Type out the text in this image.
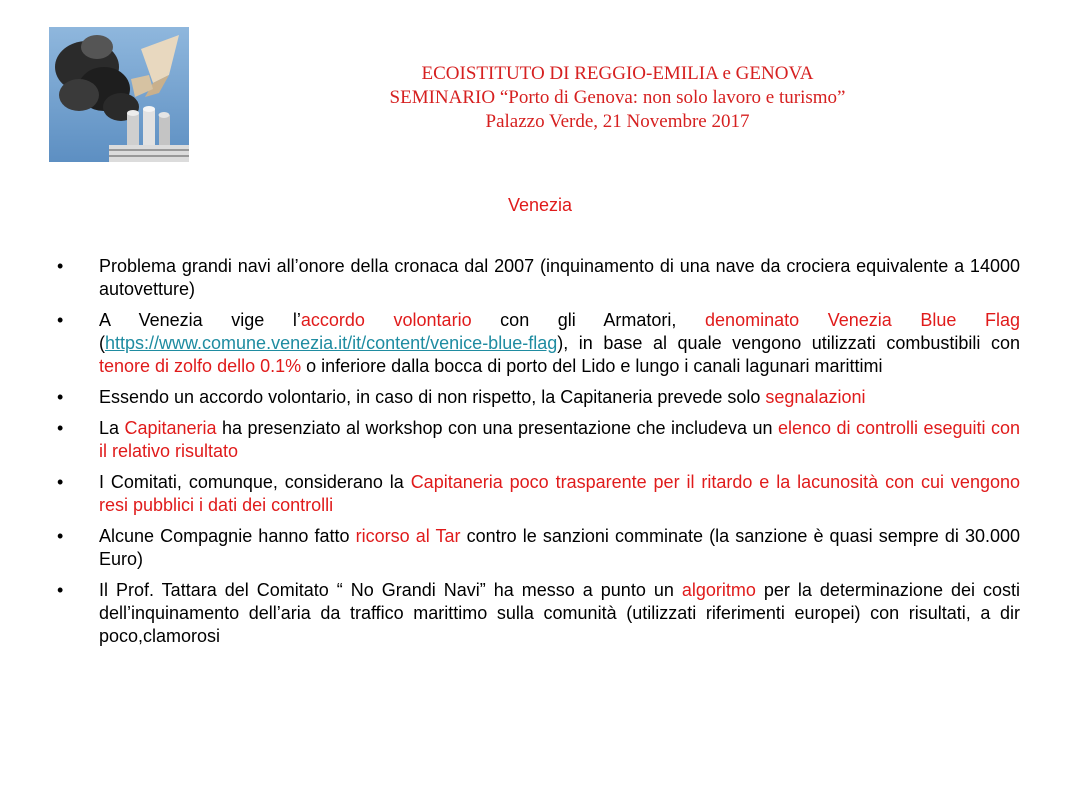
ECOISTITUTO DI REGGIO-EMILIA e GENOVA
SEMINARIO “Porto di Genova: non solo lavoro e turismo”
Palazzo Verde, 21 Novembre 2017
Venezia
• Problema grandi navi all’onore della cronaca dal 2007 (inquinamento di una nave da crociera equivalente a 14000 autovetture)
• A Venezia vige l’accordo volontario con gli Armatori, denominato Venezia Blue Flag (https://www.comune.venezia.it/it/content/venice-blue-flag), in base al quale vengono utilizzati combustibili con tenore di zolfo dello 0.1% o inferiore dalla bocca di porto del Lido e lungo i canali lagunari marittimi
• Essendo un accordo volontario, in caso di non rispetto, la Capitaneria prevede solo segnalazioni
• La Capitaneria ha presenziato al workshop con una presentazione che includeva un elenco di controlli eseguiti con il relativo risultato
• I Comitati, comunque, considerano la Capitaneria poco trasparente per il ritardo e la lacunosità con cui vengono resi pubblici i dati dei controlli
• Alcune Compagnie hanno fatto ricorso al Tar contro le sanzioni comminate (la sanzione è quasi sempre di 30.000 Euro)
• Il Prof. Tattara del Comitato “ No Grandi Navi” ha messo a punto un algoritmo per la determinazione dei costi dell’inquinamento dell’aria da traffico marittimo sulla comunità (utilizzati riferimenti europei) con risultati, a dir poco,clamorosi
